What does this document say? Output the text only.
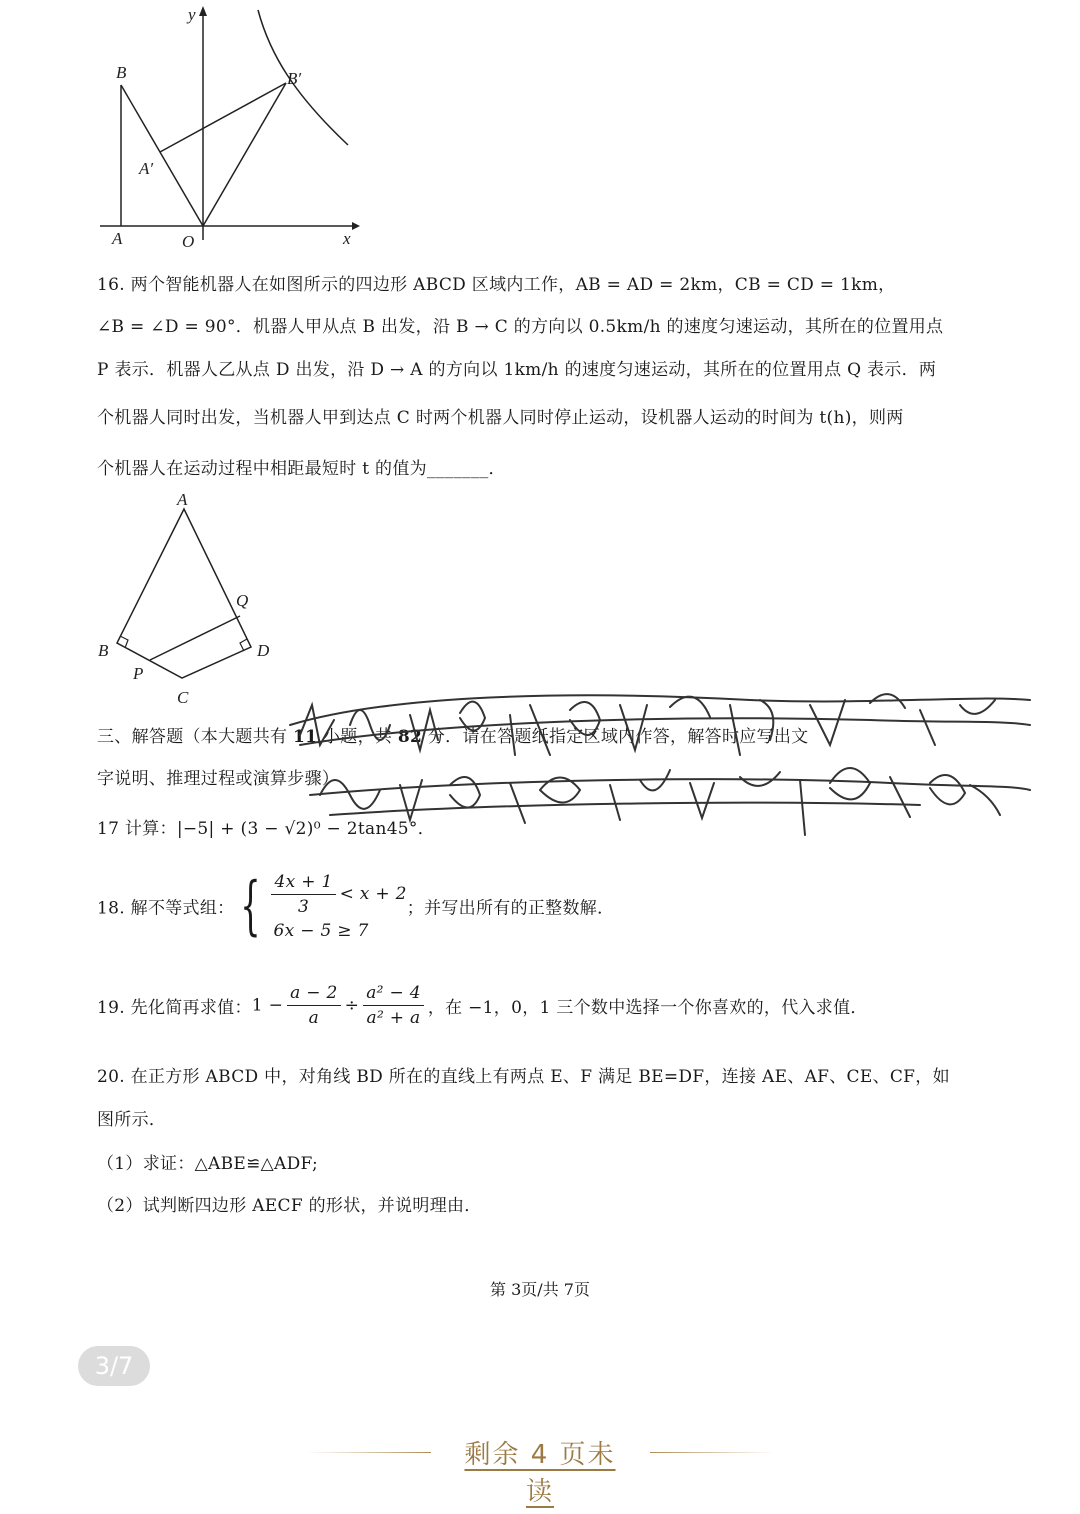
y
x
B	B′
A′
A	O
16. 两个智能机器人在如图所示的四边形 ABCD 区域内工作，AB = AD = 2km，CB = CD = 1km，
∠B = ∠D = 90°．机器人甲从点 B 出发，沿 B → C 的方向以 0.5km/h 的速度匀速运动，其所在的位置用点
P 表示．机器人乙从点 D 出发，沿 D → A 的方向以 1km/h 的速度匀速运动，其所在的位置用点 Q 表示．两
个机器人同时出发，当机器人甲到达点 C 时两个机器人同时停止运动，设机器人运动的时间为 t(h)，则两
个机器人在运动过程中相距最短时 t 的值为_______．
A
Q
B	D
P
C
三、解答题（本大题共有 11 小题，共 82 分．请在答题纸指定区域内作答，解答时应写出文
字说明、推理过程或演算步骤）
17 计算：|−5| + (3 − √2)⁰ − 2tan45°．
18. 解不等式组：{ $\frac{4x + 1}{3} < x + 2$
6x − 5 ≥ 7
；并写出所有的正整数解．
19. 先化简再求值：$1 - \frac{a - 2}{a} \div \frac{\text{a² − 4}}{\text{a² + a}}$ ，在 −1，0，1 三个数中选择一个你喜欢的，代入求值．
20. 在正方形 ABCD 中，对角线 BD 所在的直线上有两点 E、F 满足 BE=DF，连接 AE、AF、CE、CF，如
图所示．
（1）求证：△ABE≌△ADF;
（2）试判断四边形 AECF 的形状，并说明理由．
第 3页/共 7页
3/7
剩余 4 页未读
